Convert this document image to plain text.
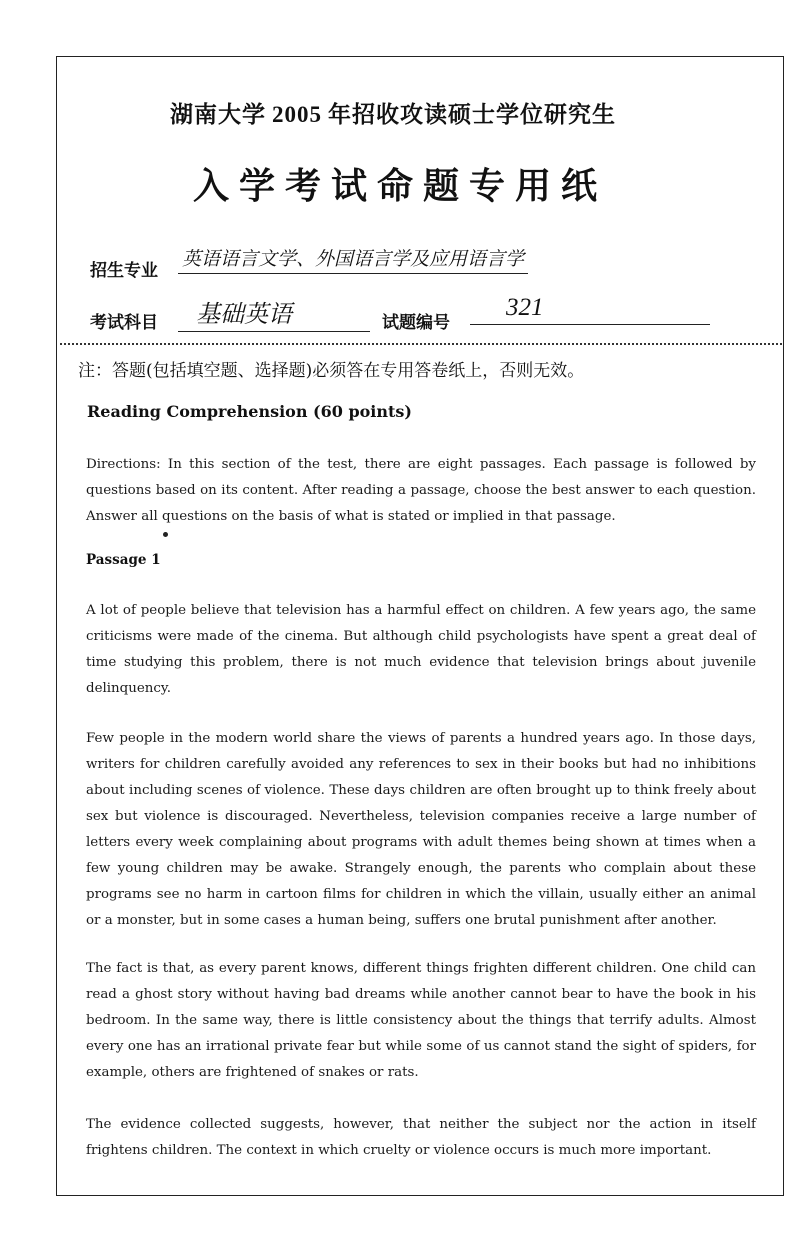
湖南大学 2005 年招收攻读硕士学位研究生
入学考试命题专用纸
招生专业
英语语言文学、外国语言学及应用语言学
考试科目	基础英语	试题编号
321
注：答题(包括填空题、选择题)必须答在专用答卷纸上，否则无效。
Reading Comprehension (60 points)
Directions: In this section of the test, there are eight passages. Each passage is followed by questions based on its content. After reading a passage, choose the best answer to each question. Answer all questions on the basis of what is stated or implied in that passage.
Passage 1
A lot of people believe that television has a harmful effect on children. A few years ago, the same criticisms were made of the cinema. But although child psychologists have spent a great deal of time studying this problem, there is not much evidence that television brings about juvenile delinquency.
Few people in the modern world share the views of parents a hundred years ago. In those days, writers for children carefully avoided any references to sex in their books but had no inhibitions about including scenes of violence. These days children are often brought up to think freely about sex but violence is discouraged. Nevertheless, television companies receive a large number of letters every week complaining about programs with adult themes being shown at times when a few young children may be awake. Strangely enough, the parents who complain about these programs see no harm in cartoon films for children in which the villain, usually either an animal or a monster, but in some cases a human being, suffers one brutal punishment after another.
The fact is that, as every parent knows, different things frighten different children. One child can read a ghost story without having bad dreams while another cannot bear to have the book in his bedroom. In the same way, there is little consistency about the things that terrify adults. Almost every one has an irrational private fear but while some of us cannot stand the sight of spiders, for example, others are frightened of snakes or rats.
The evidence collected suggests, however, that neither the subject nor the action in itself frightens children. The context in which cruelty or violence occurs is much more important.
